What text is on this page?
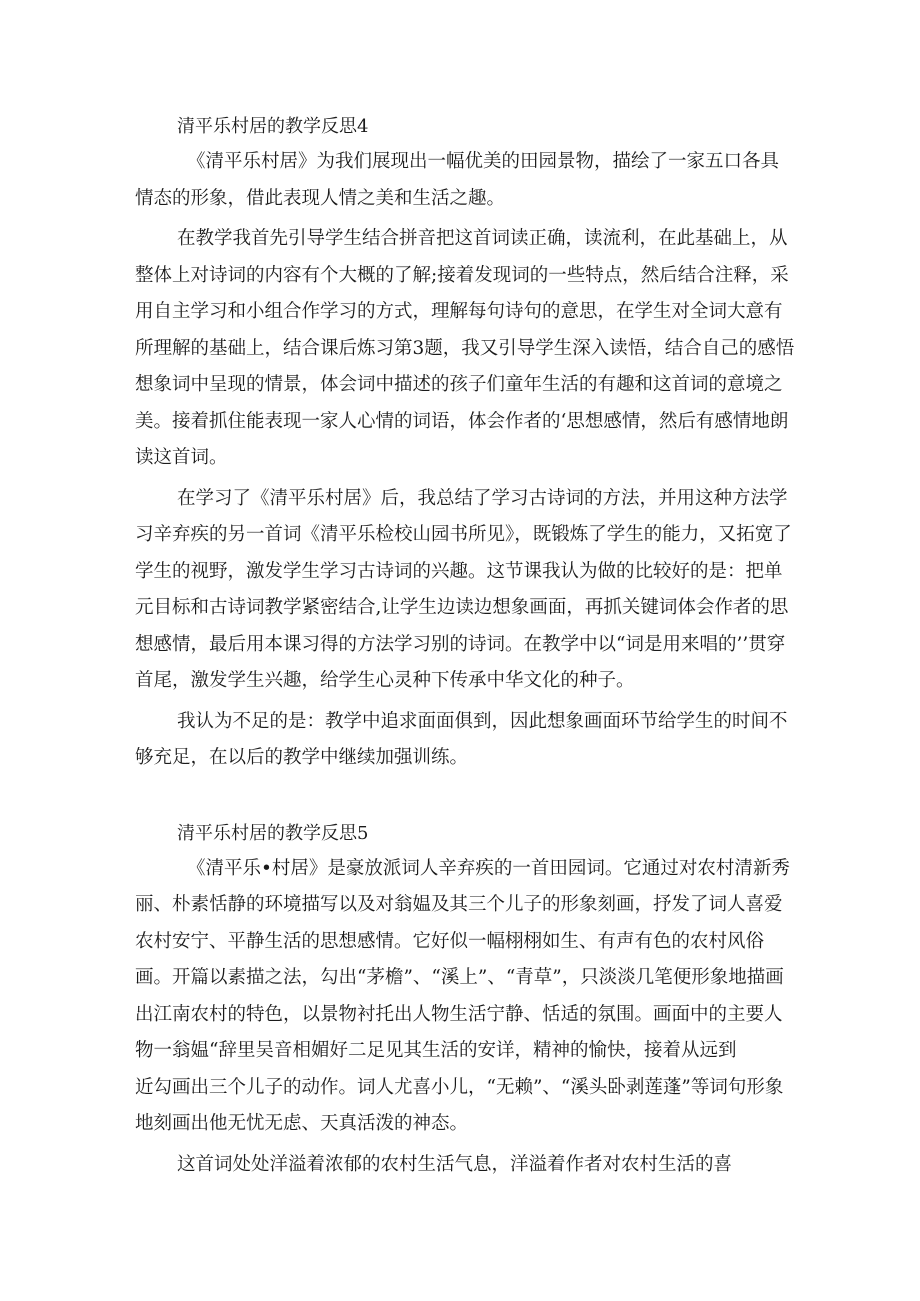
清平乐村居的教学反思4

《清平乐村居》为我们展现出一幅优美的田园景物，描绘了一家五口各具情态的形象，借此表现人情之美和生活之趣。

在教学我首先引导学生结合拼音把这首词读正确，读流利，在此基础上，从整体上对诗词的内容有个大概的了解;接着发现词的一些特点，然后结合注释，采用自主学习和小组合作学习的方式，理解每句诗句的意思，在学生对全词大意有所理解的基础上，结合课后炼习第3题，我又引导学生深入读悟，结合自己的感悟想象词中呈现的情景，体会词中描述的孩子们童年生活的有趣和这首词的意境之美。接着抓住能表现一家人心情的词语，体会作者的‘思想感情，然后有感情地朗读这首词。

在学习了《清平乐村居》后，我总结了学习古诗词的方法，并用这种方法学习辛弃疾的另一首词《清平乐检校山园书所见》，既锻炼了学生的能力，又拓宽了学生的视野，激发学生学习古诗词的兴趣。这节课我认为做的比较好的是：把单元目标和古诗词教学紧密结合,让学生边读边想象画面，再抓关键词体会作者的思想感情，最后用本课习得的方法学习别的诗词。在教学中以“词是用来唱的’’贯穿首尾，激发学生兴趣，给学生心灵种下传承中华文化的种子。

我认为不足的是：教学中追求面面俱到，因此想象画面环节给学生的时间不够充足，在以后的教学中继续加强训练。

清平乐村居的教学反思5

《清平乐•村居》是豪放派词人辛弃疾的一首田园词。它通过对农村清新秀丽、朴素恬静的环境描写以及对翁媪及其三个儿子的形象刻画，抒发了词人喜爱农村安宁、平静生活的思想感情。它好似一幅栩栩如生、有声有色的农村风俗画。开篇以素描之法，勾出“茅檐”、“溪上”、“青草”，只淡淡几笔便形象地描画出江南农村的特色，以景物衬托出人物生活宁静、恬适的氛围。画面中的主要人物一翁媪“辞里吴音相媚好二足见其生活的安详，精神的愉快，接着从远到

近勾画出三个儿子的动作。词人尤喜小儿，“无赖”、“溪头卧剥莲蓬”等词句形象地刻画出他无忧无虑、天真活泼的神态。

这首词处处洋溢着浓郁的农村生活气息，洋溢着作者对农村生活的喜
